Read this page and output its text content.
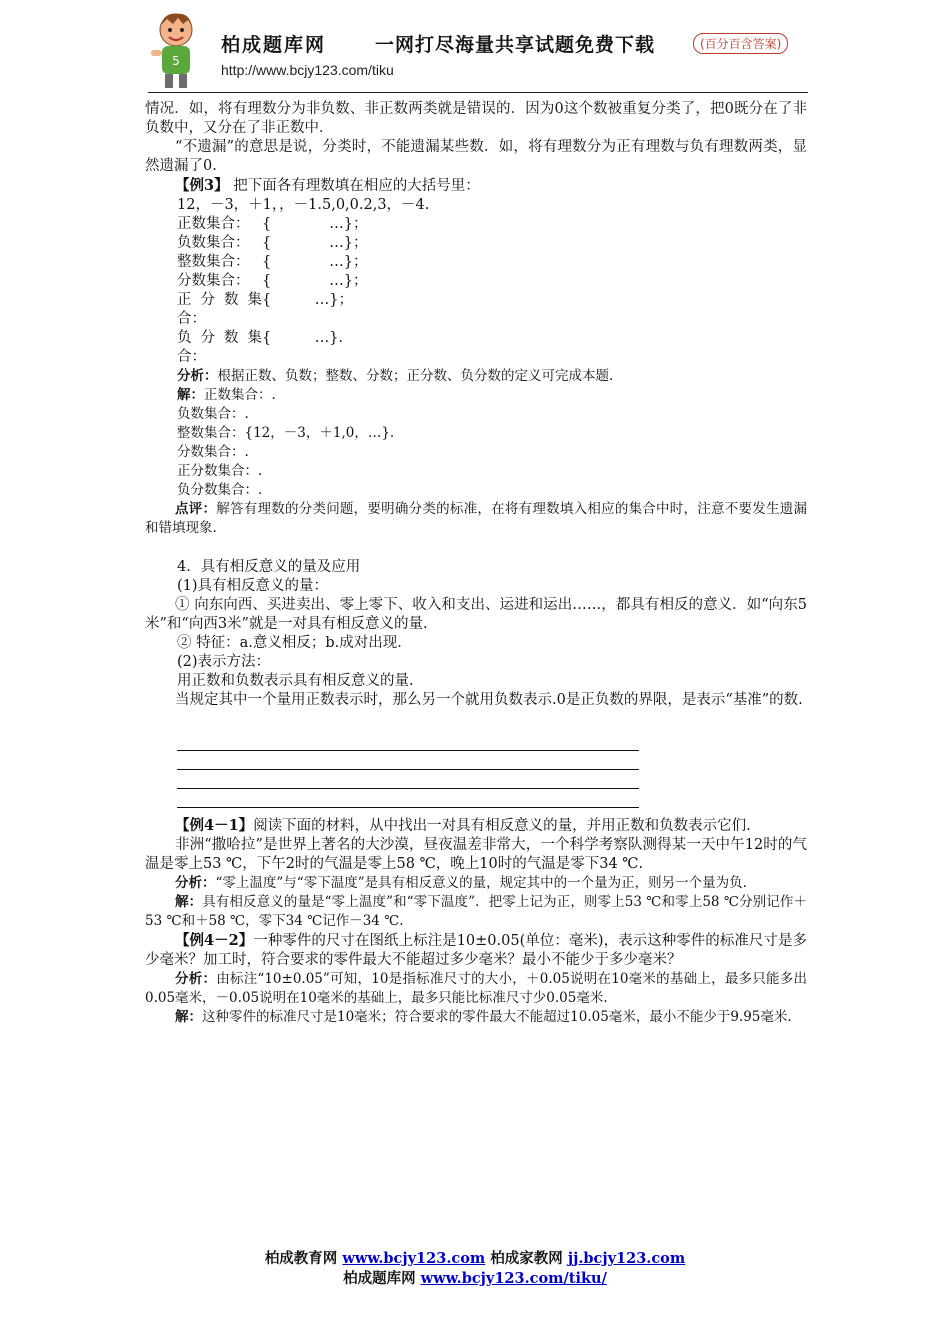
5
柏成题库网	一网打尽海量共享试题免费下载	(百分百含答案)
http://www.bcjy123.com/tiku

情况．如，将有理数分为非负数、非正数两类就是错误的．因为0这个数被重复分类了，把0既分在了非负数中，又分在了非正数中．

“不遗漏”的意思是说，分类时，不能遗漏某些数．如，将有理数分为正有理数与负有理数两类，显然遗漏了0.

【例3】 把下面各有理数填在相应的大括号里：

12，－3，＋1，，－1.5,0,0.2,3，－4.

正数集合： {　　　　…}；
负数集合： {　　　　…}；
整数集合： {　　　　…}；
分数集合： {　　　　…}；
正分数集合：
{　　　…}；
负分数集合：
{　　　…}．

分析：根据正数、负数；整数、分数；正分数、负分数的定义可完成本题.

解：正数集合：.

负数集合：.

整数集合：{12，－3，＋1,0，…}.

分数集合：.

正分数集合：.

负分数集合：.

点评：解答有理数的分类问题，要明确分类的标准，在将有理数填入相应的集合中时，注意不要发生遗漏和错填现象.

4．具有相反意义的量及应用

(1)具有相反意义的量：

① 向东向西、买进卖出、零上零下、收入和支出、运进和运出……，都具有相反的意义．如“向东5米”和“向西3米”就是一对具有相反意义的量.

② 特征：a.意义相反；b.成对出现．

(2)表示方法：

用正数和负数表示具有相反意义的量.

当规定其中一个量用正数表示时，那么另一个就用负数表示.0是正负数的界限，是表示“基准”的数.

【例4－1】阅读下面的材料，从中找出一对具有相反意义的量，并用正数和负数表示它们.

非洲“撒哈拉”是世界上著名的大沙漠，昼夜温差非常大，一个科学考察队测得某一天中午12时的气温是零上53 ℃，下午2时的气温是零上58 ℃，晚上10时的气温是零下34 ℃.

分析：“零上温度”与“零下温度”是具有相反意义的量，规定其中的一个量为正，则另一个量为负.

解：具有相反意义的量是“零上温度”和“零下温度”．把零上记为正，则零上53 ℃和零上58 ℃分别记作＋53 ℃和＋58 ℃，零下34 ℃记作－34 ℃.

【例4－2】一种零件的尺寸在图纸上标注是10±0.05(单位：毫米)，表示这种零件的标准尺寸是多少毫米？加工时，符合要求的零件最大不能超过多少毫米？最小不能少于多少毫米？

分析：由标注“10±0.05”可知，10是指标准尺寸的大小，＋0.05说明在10毫米的基础上，最多只能多出0.05毫米，－0.05说明在10毫米的基础上，最多只能比标准尺寸少0.05毫米.

解：这种零件的标准尺寸是10毫米；符合要求的零件最大不能超过10.05毫米，最小不能少于9.95毫米.

柏成教育网 www.bcjy123.com 柏成家教网 jj.bcjy123.com
柏成题库网 www.bcjy123.com/tiku/
